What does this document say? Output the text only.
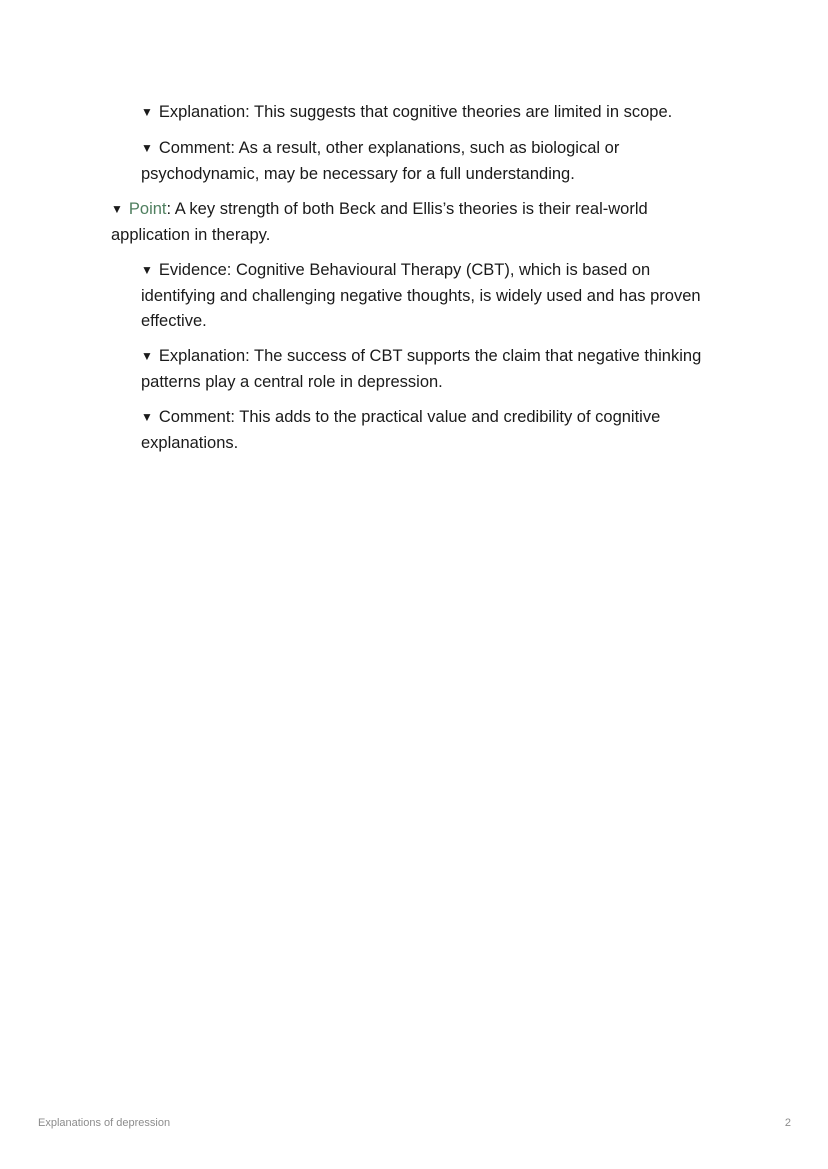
▼ Explanation: This suggests that cognitive theories are limited in scope.
▼ Comment: As a result, other explanations, such as biological or psychodynamic, may be necessary for a full understanding.
▼ Point: A key strength of both Beck and Ellis’s theories is their real-world application in therapy.
▼ Evidence: Cognitive Behavioural Therapy (CBT), which is based on identifying and challenging negative thoughts, is widely used and has proven effective.
▼ Explanation: The success of CBT supports the claim that negative thinking patterns play a central role in depression.
▼ Comment: This adds to the practical value and credibility of cognitive explanations.
Explanations of depression	2
